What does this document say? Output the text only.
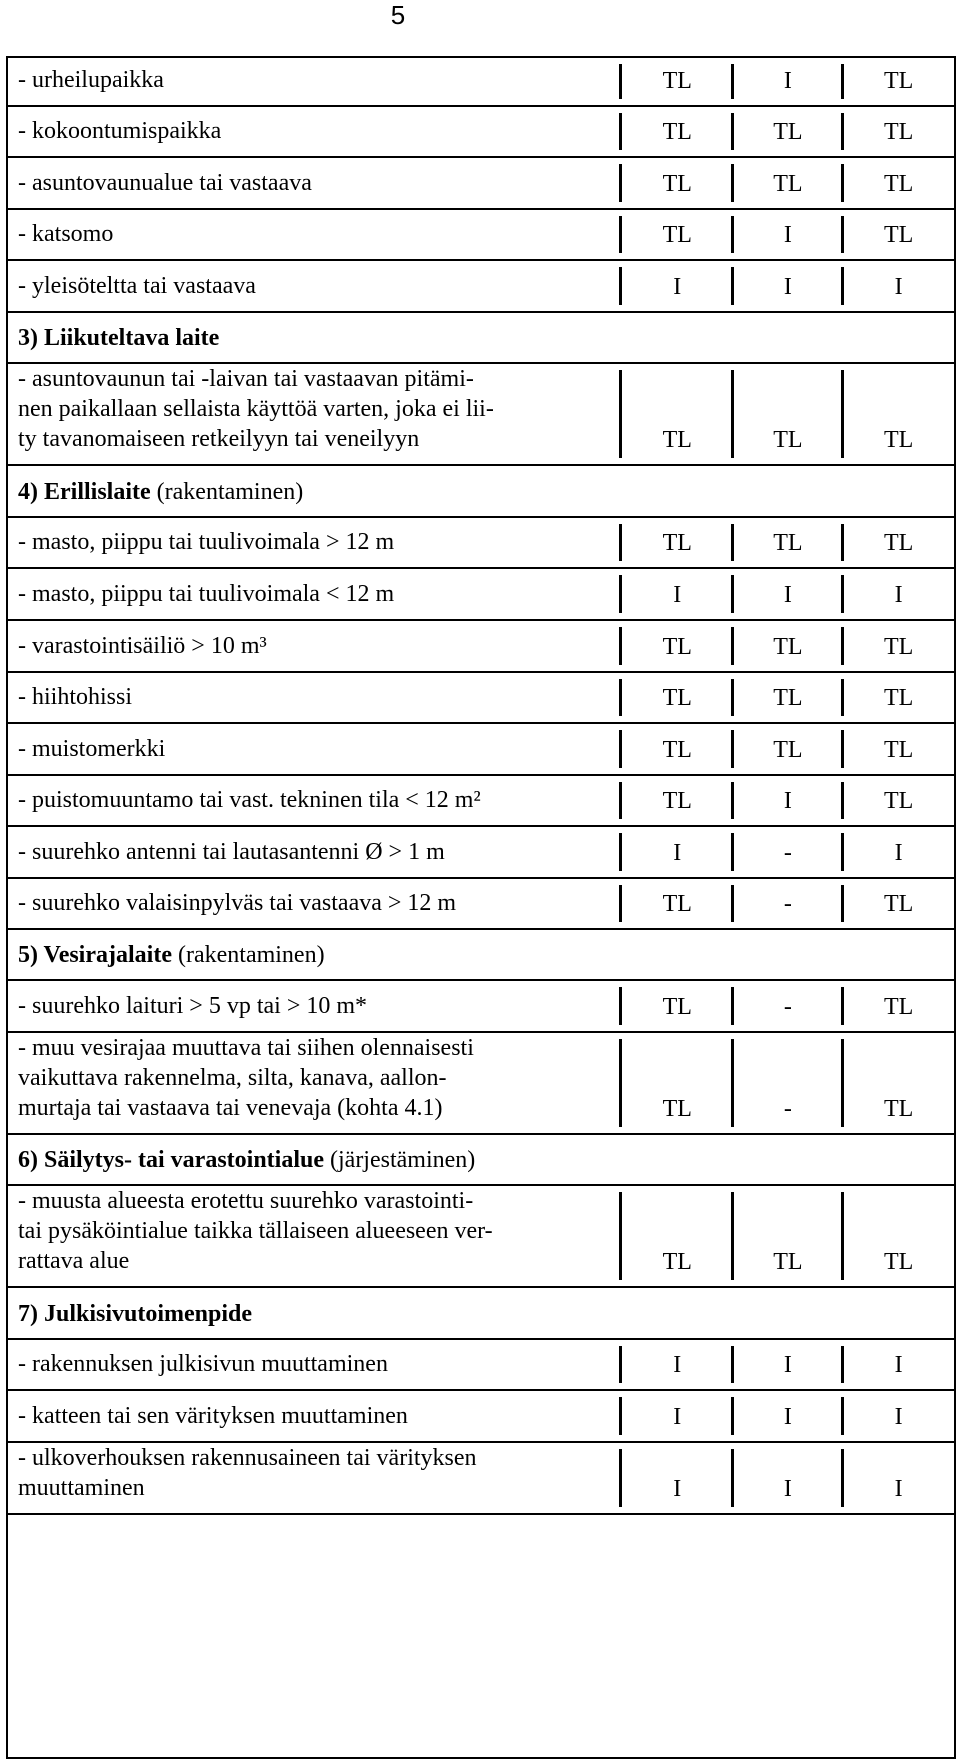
5
- urheilupaikka	TL	I	TL

- kokoontumispaikka	TL	TL	TL

- asuntovaunualue tai vastaava	TL	TL	TL

- katsomo	TL	I	TL

- yleisöteltta tai vastaava	I	I	I
3) Liikuteltava laite			

- asuntovaunun tai -laivan tai vastaavan pitämi-
nen paikallaan sellaista käyttöä varten, joka ei lii-
ty tavanomaiseen retkeilyyn tai veneilyyn	TL	TL	TL
4) Erillislaite (rakentaminen)			

- masto, piippu tai tuulivoimala > 12 m	TL	TL	TL

- masto, piippu tai tuulivoimala < 12 m	I	I	I

- varastointisäiliö > 10 m³	TL	TL	TL

- hiihtohissi	TL	TL	TL

- muistomerkki	TL	TL	TL

- puistomuuntamo tai vast. tekninen tila < 12 m²	TL	I	TL

- suurehko antenni tai lautasantenni Ø > 1 m	I	-	I

- suurehko valaisinpylväs tai vastaava > 12 m	TL	-	TL
5) Vesirajalaite (rakentaminen)			

- suurehko laituri > 5 vp tai > 10 m*	TL	-	TL

- muu vesirajaa muuttava tai siihen olennaisesti
vaikuttava rakennelma, silta, kanava, aallon-
murtaja tai vastaava tai venevaja (kohta 4.1)	TL	-	TL
6) Säilytys- tai varastointialue (järjestäminen)			

- muusta alueesta erotettu suurehko varastointi-
tai pysäköintialue taikka tällaiseen alueeseen ver-
rattava alue	TL	TL	TL
7) Julkisivutoimenpide			

- rakennuksen julkisivun muuttaminen	I	I	I

- katteen tai sen värityksen muuttaminen	I	I	I

- ulkoverhouksen rakennusaineen tai värityksen
muuttaminen	I	I	I
